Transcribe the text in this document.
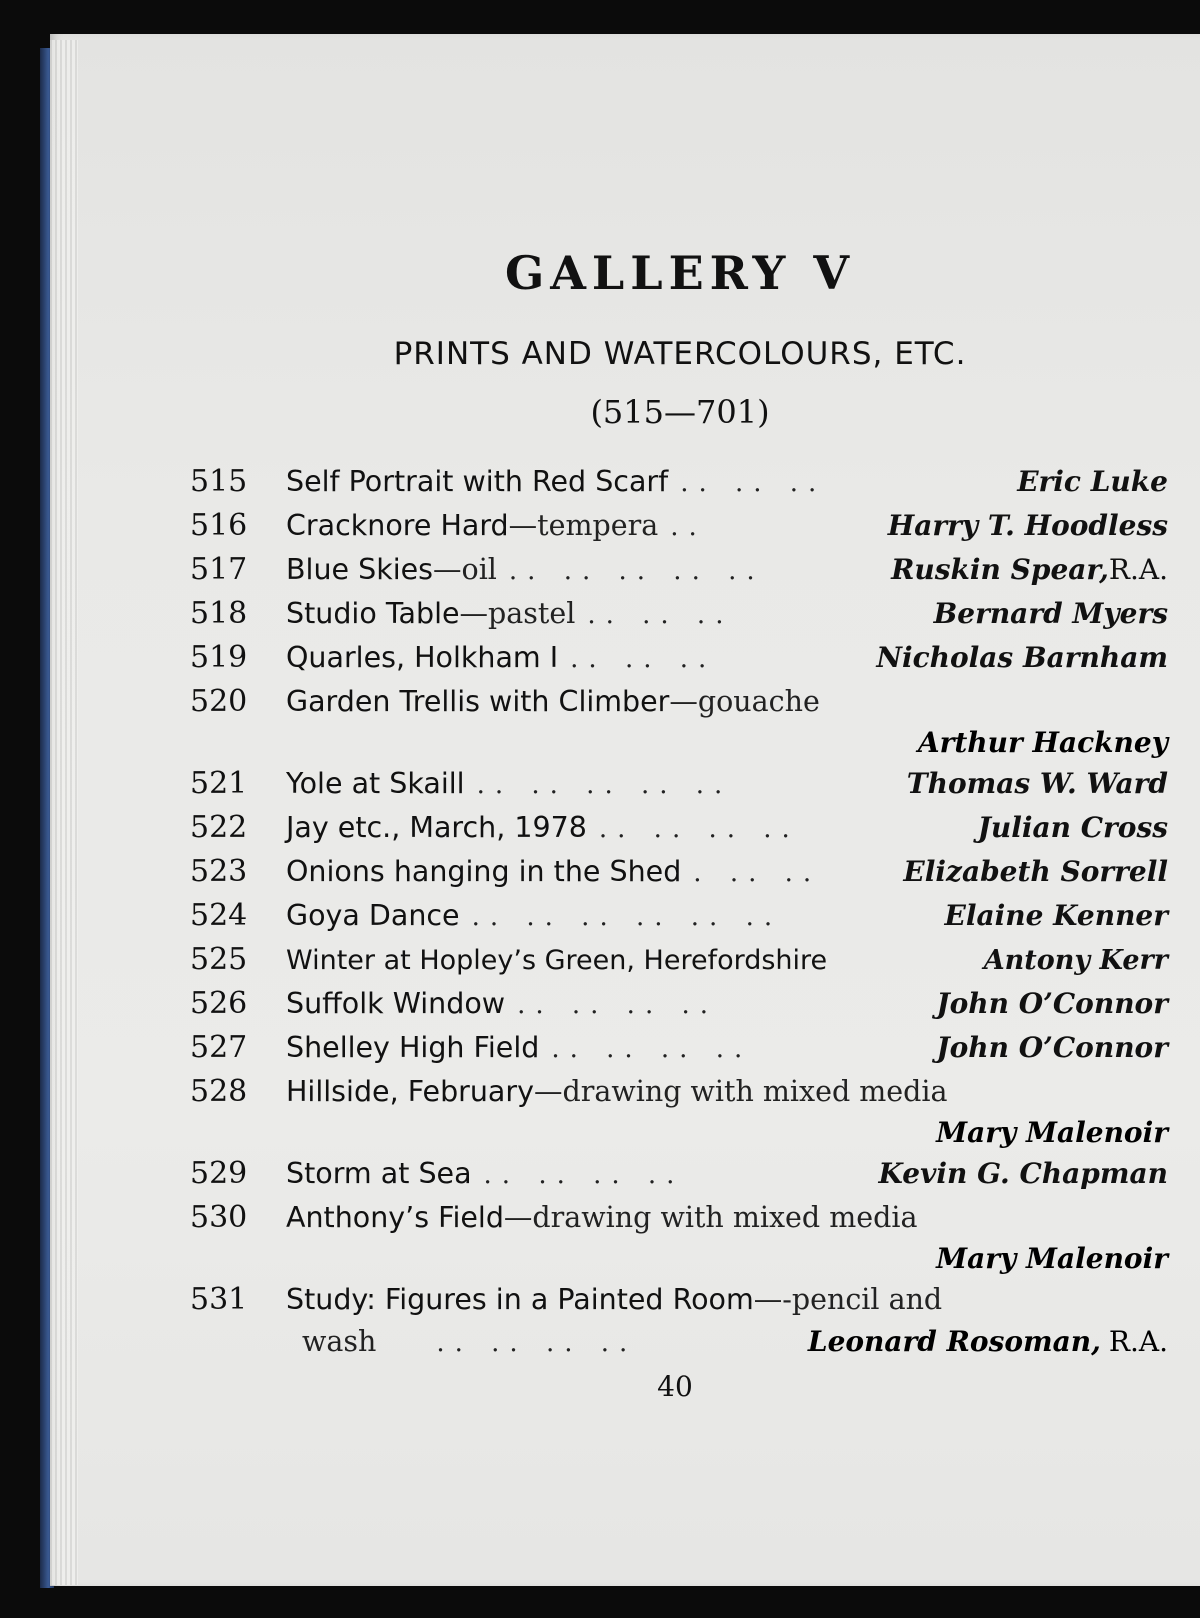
GALLERY V
PRINTS AND WATERCOLOURS, ETC.
(515—701)
515	Self Portrait with Red Scarf .. .. ..	Eric Luke
516	Cracknore Hard —tempera ..	Harry T. Hoodless
517	Blue Skies —oil .. .. .. .. ..	Ruskin Spear, R.A.
518	Studio Table —pastel .. .. ..	Bernard Myers
519	Quarles, Holkham I .. .. ..	Nicholas Barnham
520	Garden Trellis with Climber —gouache
Arthur Hackney
521	Yole at Skaill .. .. .. .. ..	Thomas W. Ward
522	Jay etc., March, 1978 .. .. .. ..	Julian Cross
523	Onions hanging in the Shed . .. ..	Elizabeth Sorrell
524	Goya Dance .. .. .. .. .. ..	Elaine Kenner
525	Winter at Hopley’s Green, Herefordshire	Antony Kerr
526	Suffolk Window .. .. .. ..	John O’Connor
527	Shelley High Field .. .. .. ..	John O’Connor
528	Hillside, February —drawing with mixed media
Mary Malenoir
529	Storm at Sea .. .. .. ..	Kevin G. Chapman
530	Anthony’s Field —drawing with mixed media
Mary Malenoir
531	Study: Figures in a Painted Room —-pencil and
wash	.. .. .. ..	Leonard Rosoman, R.A.
40
